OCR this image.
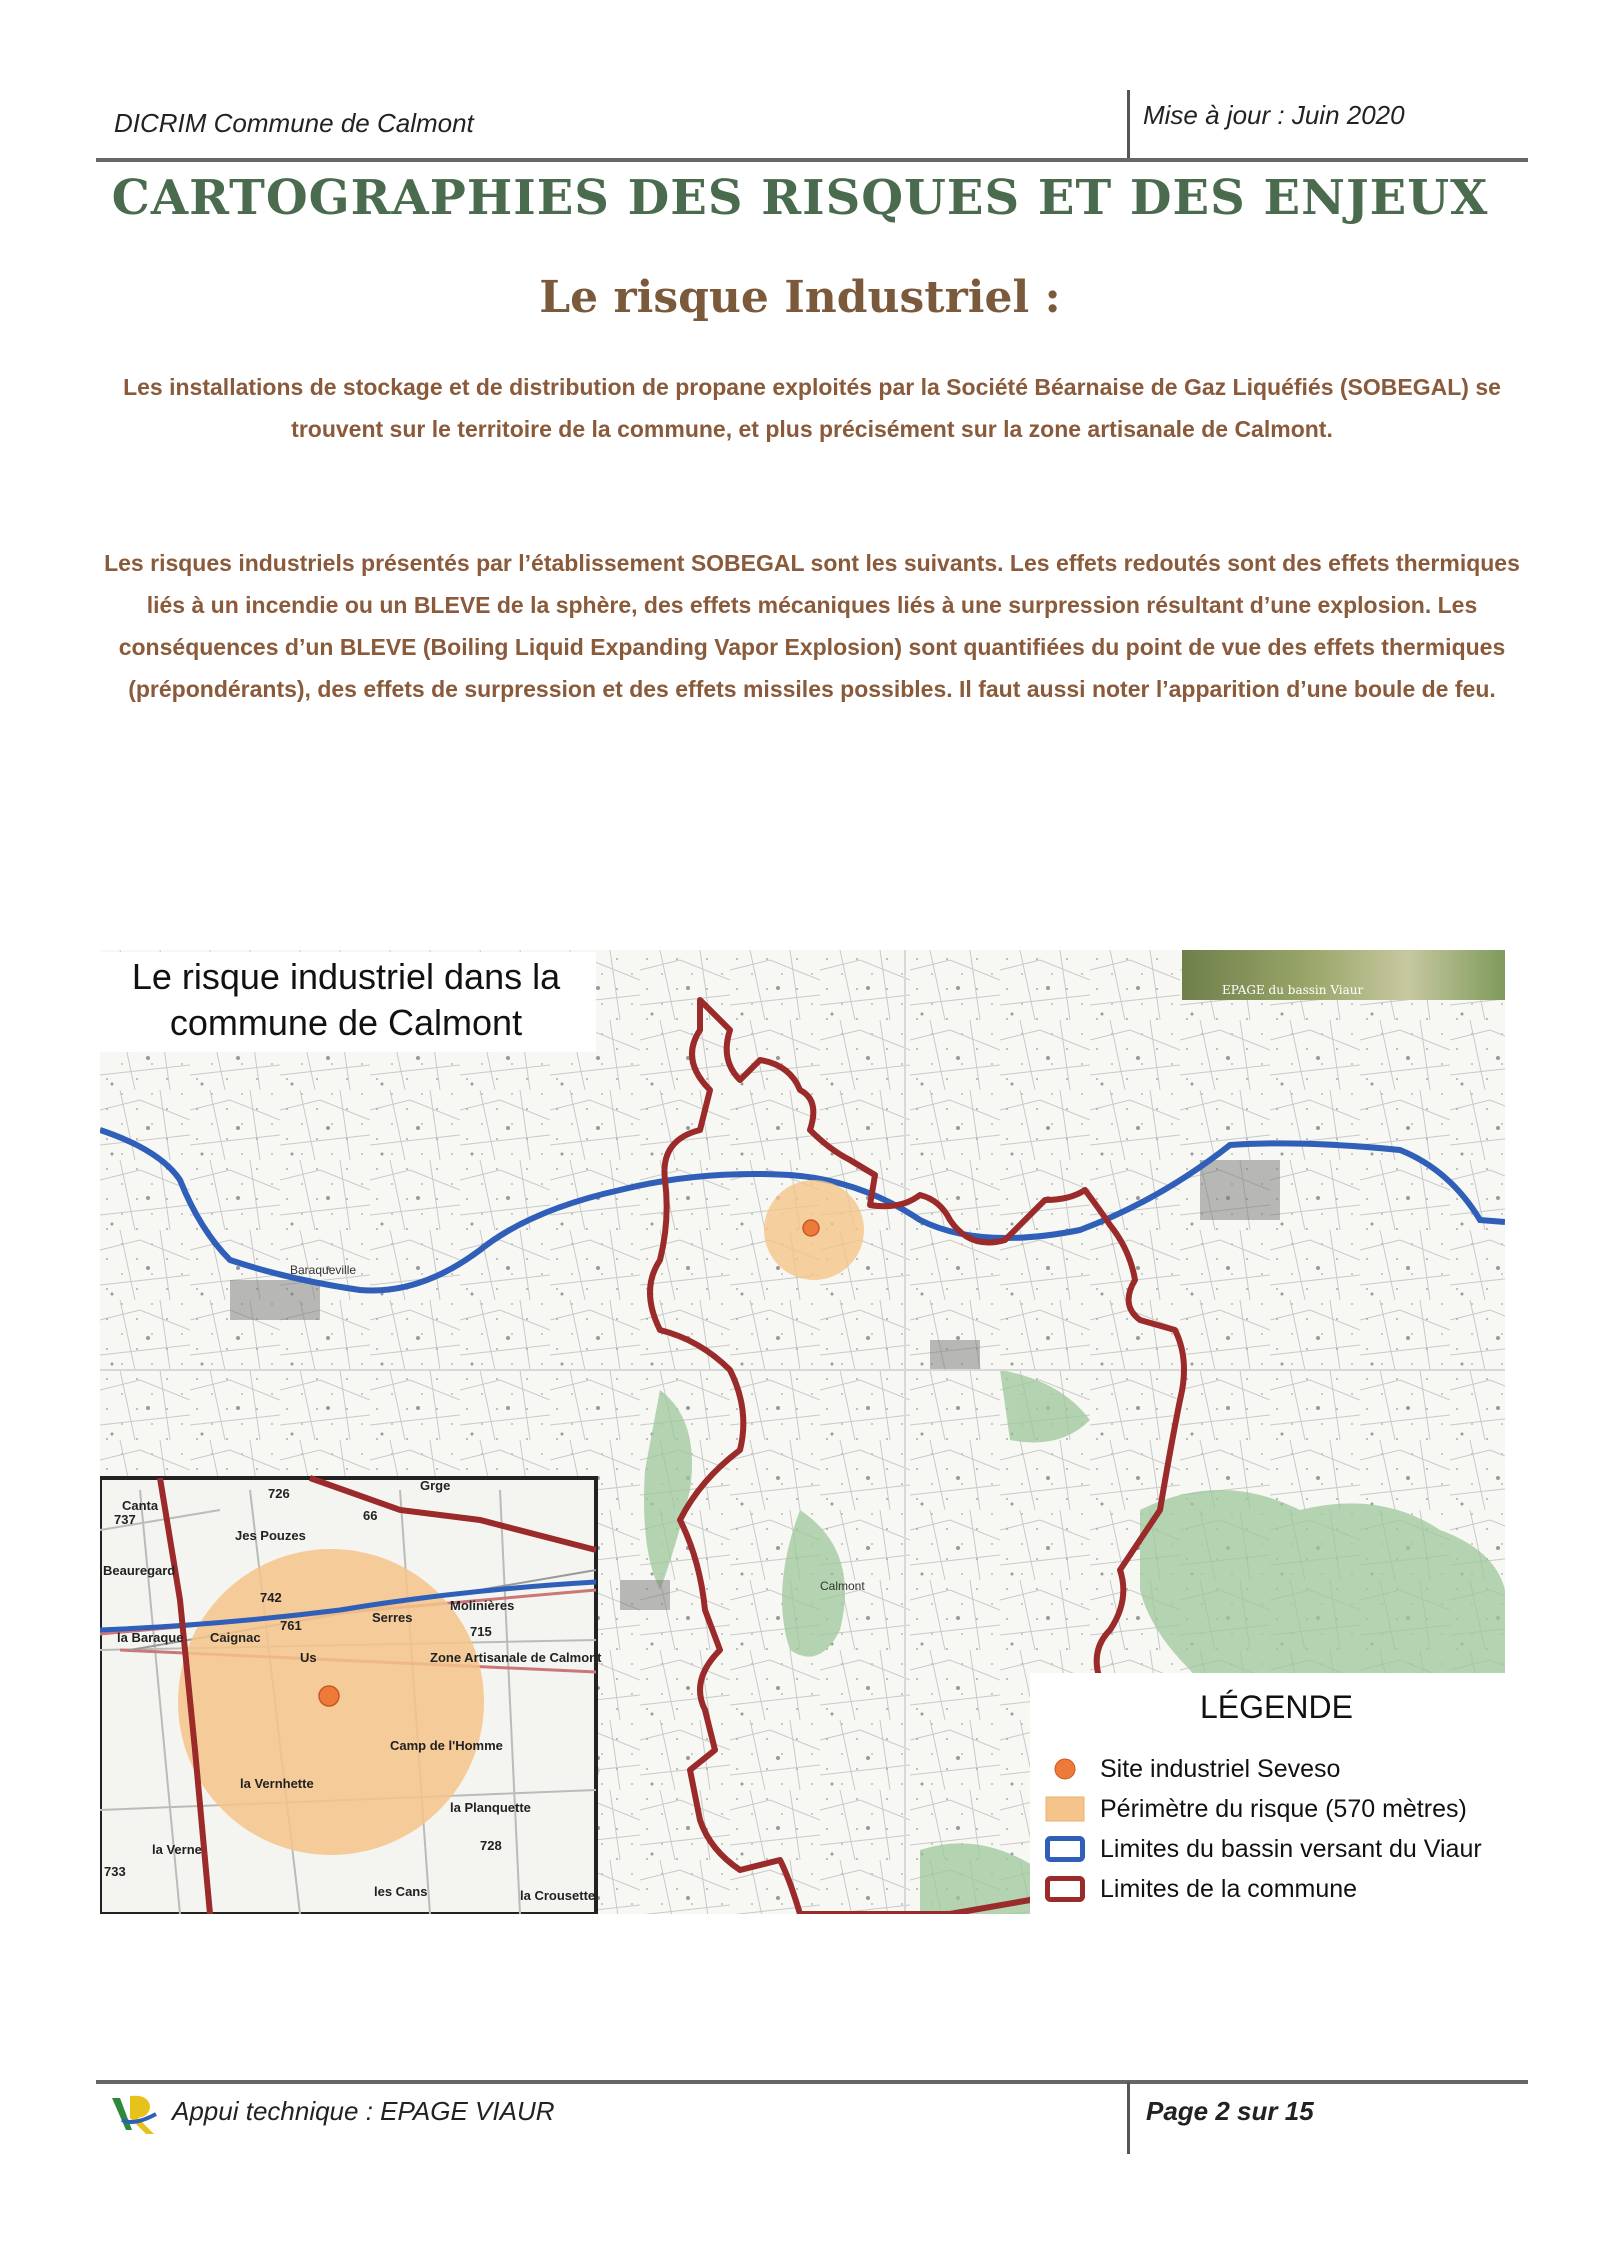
DICRIM Commune de Calmont	Mise à jour : Juin 2020
CARTOGRAPHIES DES RISQUES ET DES ENJEUX
Le risque Industriel :
Les installations de stockage et de distribution de propane exploités par la Société Béarnaise de Gaz Liquéfiés (SOBEGAL) se trouvent sur le territoire de la commune, et plus précisément sur la zone artisanale de Calmont.
Les risques industriels présentés par l’établissement SOBEGAL sont les suivants. Les effets redoutés sont des effets thermiques liés à un incendie ou un BLEVE de la sphère, des effets mécaniques liés à une surpression résultant d’une explosion. Les conséquences d’un BLEVE (Boiling Liquid Expanding Vapor Explosion) sont quantifiées du point de vue des effets thermiques (prépondérants), des effets de surpression et des effets missiles possibles. Il faut aussi noter l’apparition d’une boule de feu.
Canta
726
Grge
Beauregard
Jes Pouzes
66
Molinières
715
Zone Artisanale de Calmont
Serres
Us
la Baraque Caignac
Camp de l'Homme
la Vernhette
la Planquette
les Cans
la Verne
la Crousette
733
742
761
728
737
Baraqueville
Calmont
Le risque industriel dans la
commune de Calmont
EPAGE du bassin Viaur
LÉGENDE
Site industriel Seveso
Périmètre du risque (570 mètres)
Limites du bassin versant du Viaur
Limites de la commune
Appui technique : EPAGE VIAUR	Page 2 sur 15
